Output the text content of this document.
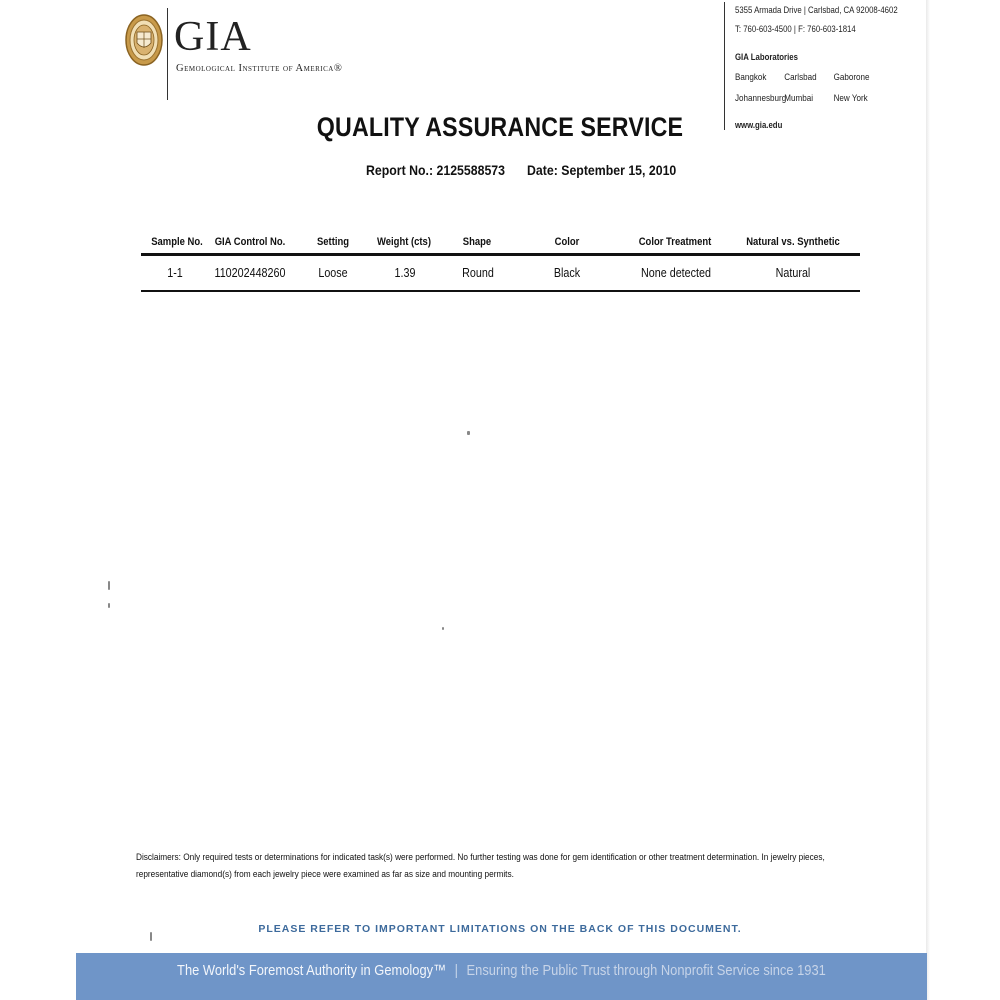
GIA
Gemological Institute of America®
5355 Armada Drive | Carlsbad, CA 92008-4602
T: 760-603-4500 | F: 760-603-1814
GIA Laboratories
Bangkok	Carlsbad	Gaborone
Johannesburg
Mumbai	New York
www.gia.edu
QUALITY ASSURANCE SERVICE
Report No.: 2125588573 Date: September 15, 2010
Sample No.	GIA Control No.	Setting	Weight (cts)	Shape	Color	Color Treatment	Natural vs. Synthetic
1-1	110202448260	Loose	1.39	Round	Black	None detected	Natural
Disclaimers: Only required tests or determinations for indicated task(s) were performed. No further testing was done for gem identification or other treatment determination. In jewelry pieces, representative diamond(s) from each jewelry piece were examined as far as size and mounting permits.
PLEASE REFER TO IMPORTANT LIMITATIONS ON THE BACK OF THIS DOCUMENT.
The World's Foremost Authority in Gemology™ | Ensuring the Public Trust through Nonprofit Service since 1931
